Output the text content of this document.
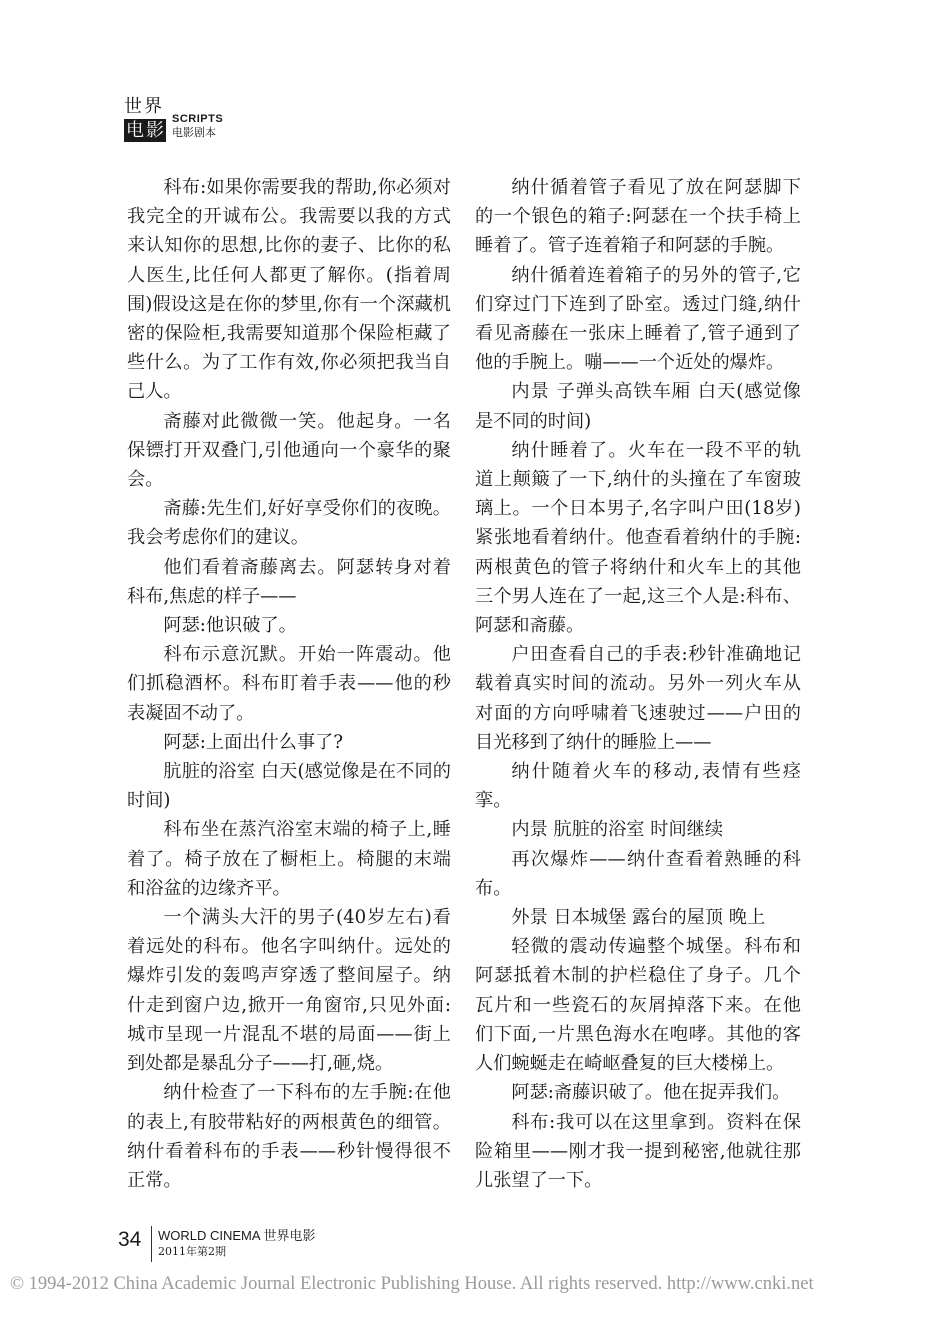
世界
电影
SCRIPTS
电影剧本

科布:如果你需要我的帮助,你必须对我完全的开诚布公。我需要以我的方式来认知你的思想,比你的妻子、比你的私人医生,比任何人都更了解你。(指着周围)假设这是在你的梦里,你有一个深藏机密的保险柜,我需要知道那个保险柜藏了些什么。为了工作有效,你必须把我当自己人。

斋藤对此微微一笑。他起身。一名保镖打开双叠门,引他通向一个豪华的聚会。

斋藤:先生们,好好享受你们的夜晚。我会考虑你们的建议。

他们看着斋藤离去。阿瑟转身对着科布,焦虑的样子——

阿瑟:他识破了。

科布示意沉默。开始一阵震动。他们抓稳酒杯。科布盯着手表——他的秒表凝固不动了。

阿瑟:上面出什么事了?

肮脏的浴室 白天(感觉像是在不同的时间)

科布坐在蒸汽浴室末端的椅子上,睡着了。椅子放在了橱柜上。椅腿的末端和浴盆的边缘齐平。

一个满头大汗的男子(40岁左右)看着远处的科布。他名字叫纳什。远处的爆炸引发的轰鸣声穿透了整间屋子。纳什走到窗户边,掀开一角窗帘,只见外面:城市呈现一片混乱不堪的局面——街上到处都是暴乱分子——打,砸,烧。

纳什检查了一下科布的左手腕:在他的表上,有胶带粘好的两根黄色的细管。纳什看着科布的手表——秒针慢得很不正常。

纳什循着管子看见了放在阿瑟脚下的一个银色的箱子:阿瑟在一个扶手椅上睡着了。管子连着箱子和阿瑟的手腕。

纳什循着连着箱子的另外的管子,它们穿过门下连到了卧室。透过门缝,纳什看见斋藤在一张床上睡着了,管子通到了他的手腕上。嘣——一个近处的爆炸。

内景 子弹头高铁车厢 白天(感觉像是不同的时间)

纳什睡着了。火车在一段不平的轨道上颠簸了一下,纳什的头撞在了车窗玻璃上。一个日本男子,名字叫户田(18岁)紧张地看着纳什。他查看着纳什的手腕:两根黄色的管子将纳什和火车上的其他三个男人连在了一起,这三个人是:科布、阿瑟和斋藤。

户田查看自己的手表:秒针准确地记载着真实时间的流动。另外一列火车从对面的方向呼啸着飞速驶过——户田的目光移到了纳什的睡脸上——

纳什随着火车的移动,表情有些痉挛。

内景 肮脏的浴室 时间继续

再次爆炸——纳什查看着熟睡的科布。

外景 日本城堡 露台的屋顶 晚上

轻微的震动传遍整个城堡。科布和阿瑟抵着木制的护栏稳住了身子。几个瓦片和一些瓷石的灰屑掉落下来。在他们下面,一片黑色海水在咆哮。其他的客人们蜿蜒走在崎岖叠复的巨大楼梯上。

阿瑟:斋藤识破了。他在捉弄我们。

科布:我可以在这里拿到。资料在保险箱里——刚才我一提到秘密,他就往那儿张望了一下。

34 WORLD CINEMA 世界电影
2011年第2期
© 1994-2012 China Academic Journal Electronic Publishing House. All rights reserved. http://www.cnki.net
